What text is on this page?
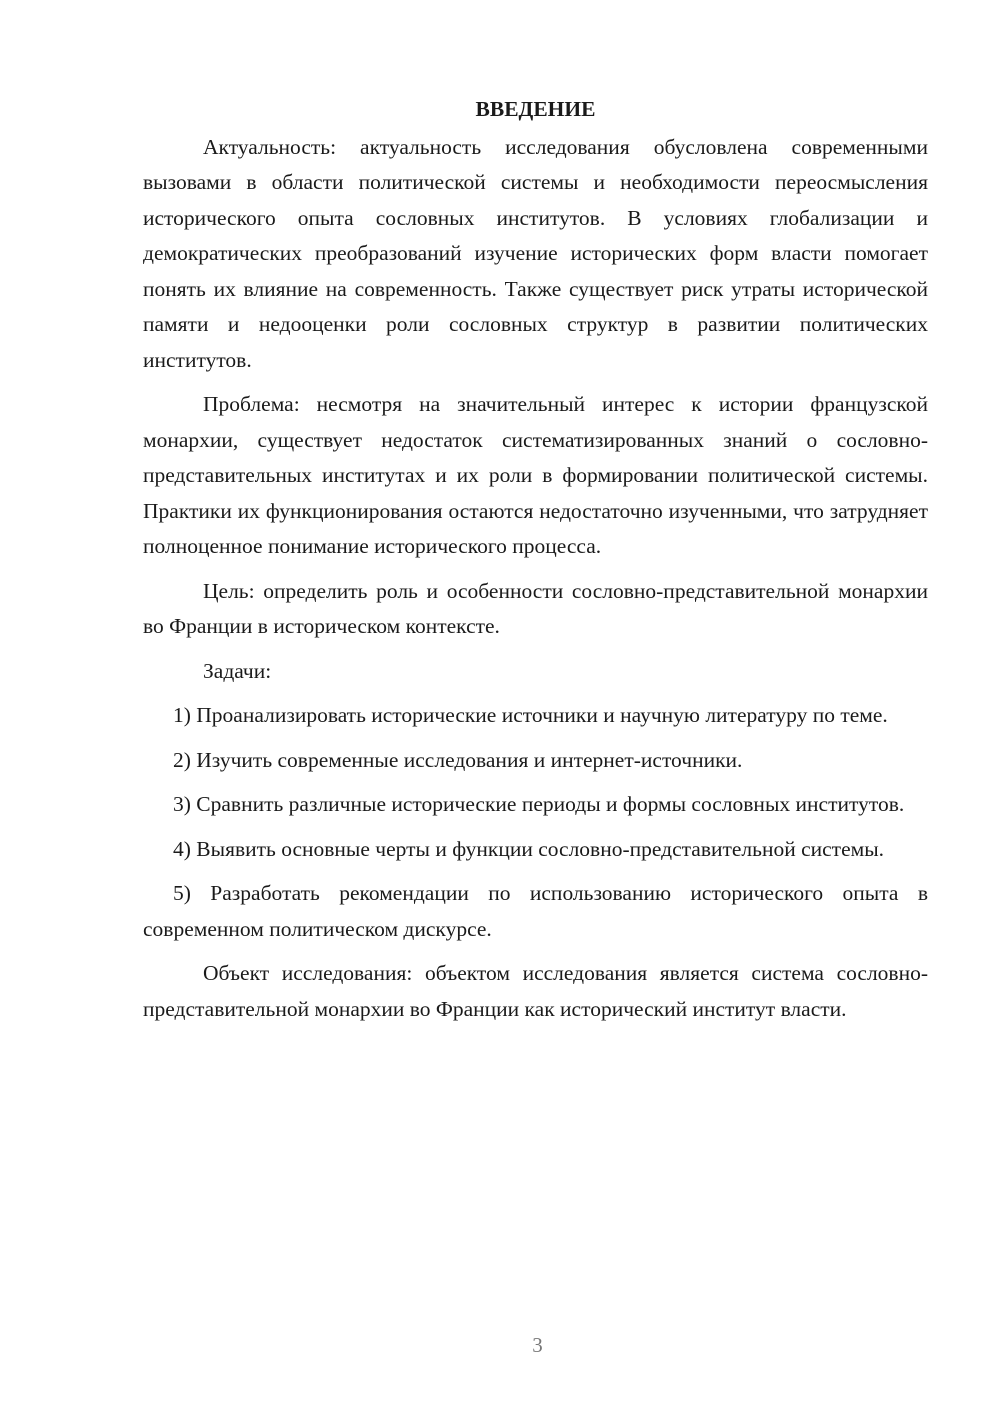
ВВЕДЕНИЕ

Актуальность: актуальность исследования обусловлена современными вызовами в области политической системы и необходимости переосмысления исторического опыта сословных институтов. В условиях глобализации и демократических преобразований изучение исторических форм власти помогает понять их влияние на современность. Также существует риск утраты исторической памяти и недооценки роли сословных структур в развитии политических институтов.

Проблема: несмотря на значительный интерес к истории французской монархии, существует недостаток систематизированных знаний о сословно-представительных институтах и их роли в формировании политической системы. Практики их функционирования остаются недостаточно изученными, что затрудняет полноценное понимание исторического процесса.

Цель: определить роль и особенности сословно-представительной монархии во Франции в историческом контексте.

Задачи:

1) Проанализировать исторические источники и научную литературу по теме.

2) Изучить современные исследования и интернет-источники.

3) Сравнить различные исторические периоды и формы сословных институтов.

4) Выявить основные черты и функции сословно-представительной системы.

5) Разработать рекомендации по использованию исторического опыта в современном политическом дискурсе.

Объект исследования: объектом исследования является система сословно-представительной монархии во Франции как исторический институт власти.

3
